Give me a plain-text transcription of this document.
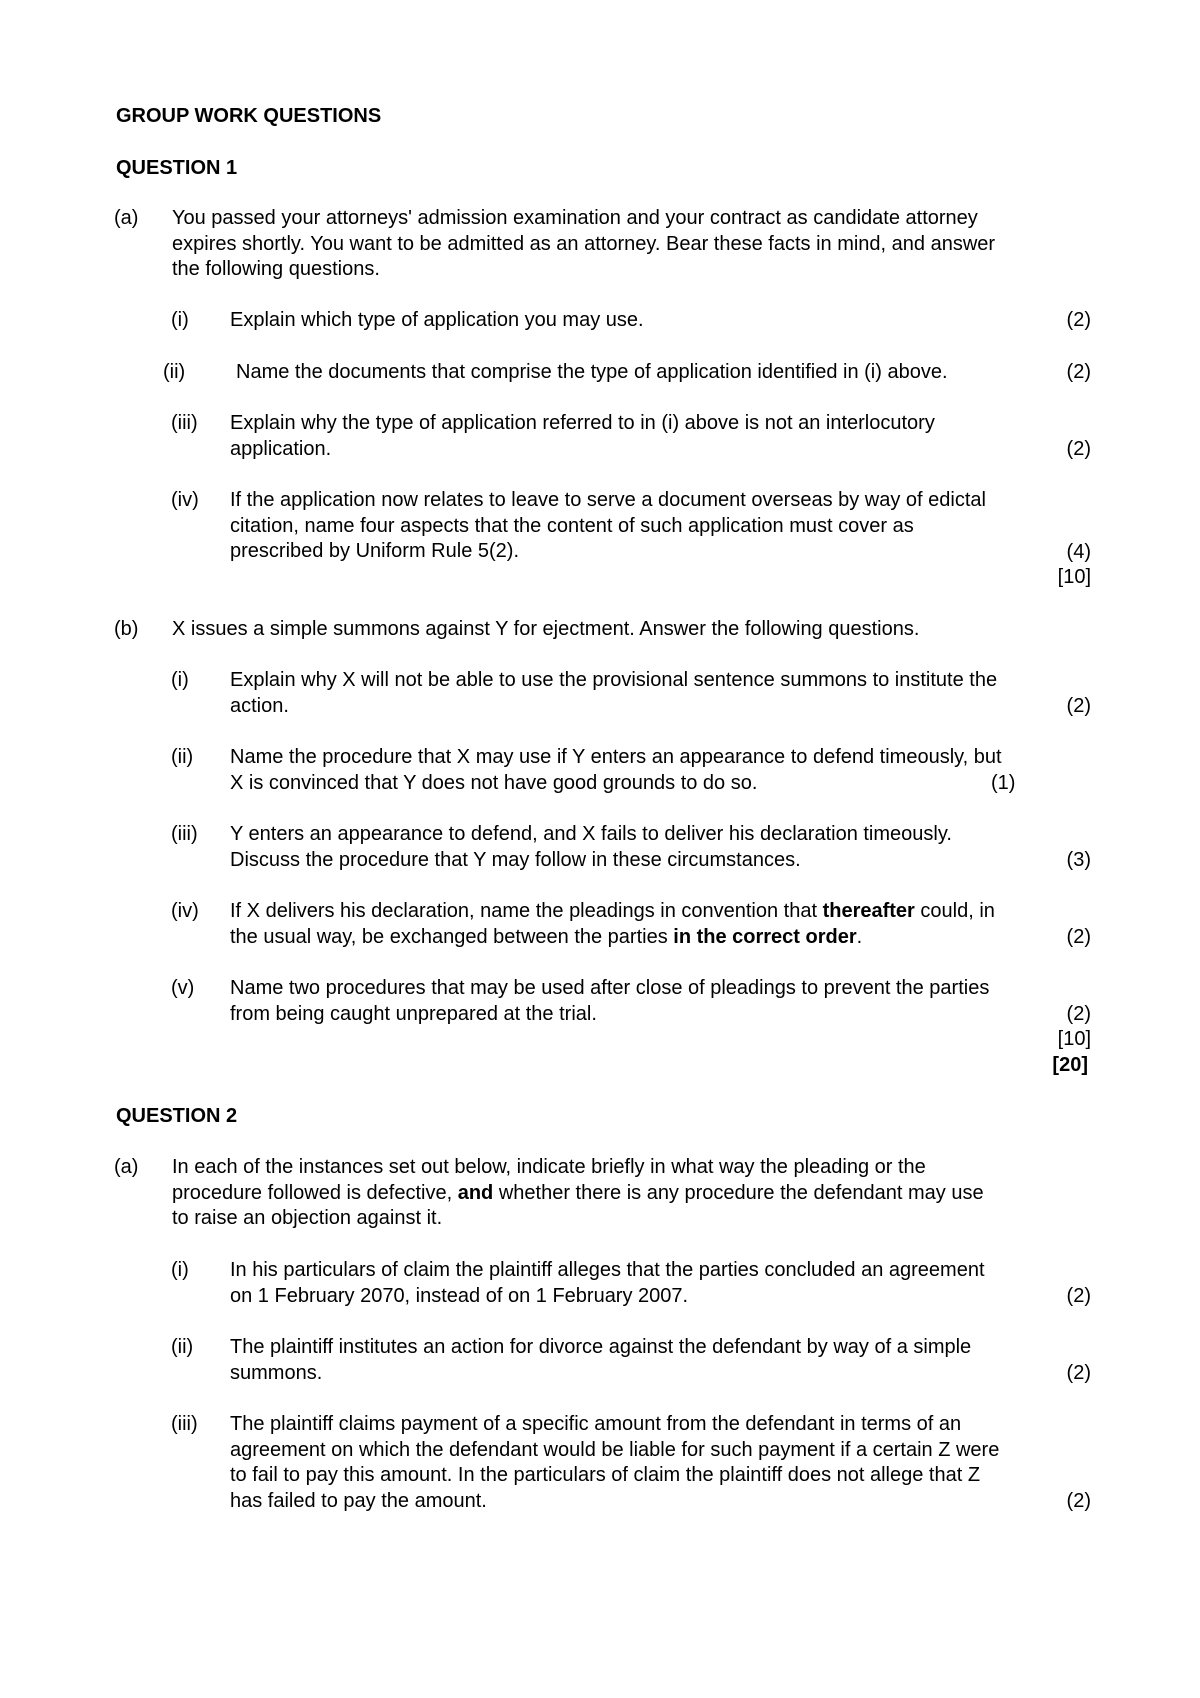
GROUP WORK QUESTIONS
QUESTION 1
(a) You passed your attorneys' admission examination and your contract as candidate attorney
expires shortly. You want to be admitted as an attorney. Bear these facts in mind, and answer
the following questions.
(i)	Explain which type of application you may use.	(2)
(ii)	Name the documents that comprise the type of application identified in (i) above.	(2)
(iii)	Explain why the type of application referred to in (i) above is not an interlocutory
application.	(2)
(iv)	If the application now relates to leave to serve a document overseas by way of edictal
citation, name four aspects that the content of such application must cover as
prescribed by Uniform Rule 5(2).	(4)
[10]
(b) X issues a simple summons against Y for ejectment. Answer the following questions.
(i)	Explain why X will not be able to use the provisional sentence summons to institute the
action.	(2)
(ii)	Name the procedure that X may use if Y enters an appearance to defend timeously, but
X is convinced that Y does not have good grounds to do so.	(1)
(iii)	Y enters an appearance to defend, and X fails to deliver his declaration timeously.
Discuss the procedure that Y may follow in these circumstances.	(3)
(iv)	If X delivers his declaration, name the pleadings in convention that thereafter could, in
the usual way, be exchanged between the parties in the correct order.	(2)
(v)	Name two procedures that may be used after close of pleadings to prevent the parties
from being caught unprepared at the trial.	(2)
[10]
[20]
QUESTION 2
(a) In each of the instances set out below, indicate briefly in what way the pleading or the
procedure followed is defective, and whether there is any procedure the defendant may use
to raise an objection against it.
(i)	In his particulars of claim the plaintiff alleges that the parties concluded an agreement
on 1 February 2070, instead of on 1 February 2007.	(2)
(ii)	The plaintiff institutes an action for divorce against the defendant by way of a simple
summons.	(2)
(iii)	The plaintiff claims payment of a specific amount from the defendant in terms of an
agreement on which the defendant would be liable for such payment if a certain Z were
to fail to pay this amount. In the particulars of claim the plaintiff does not allege that Z
has failed to pay the amount.	(2)
